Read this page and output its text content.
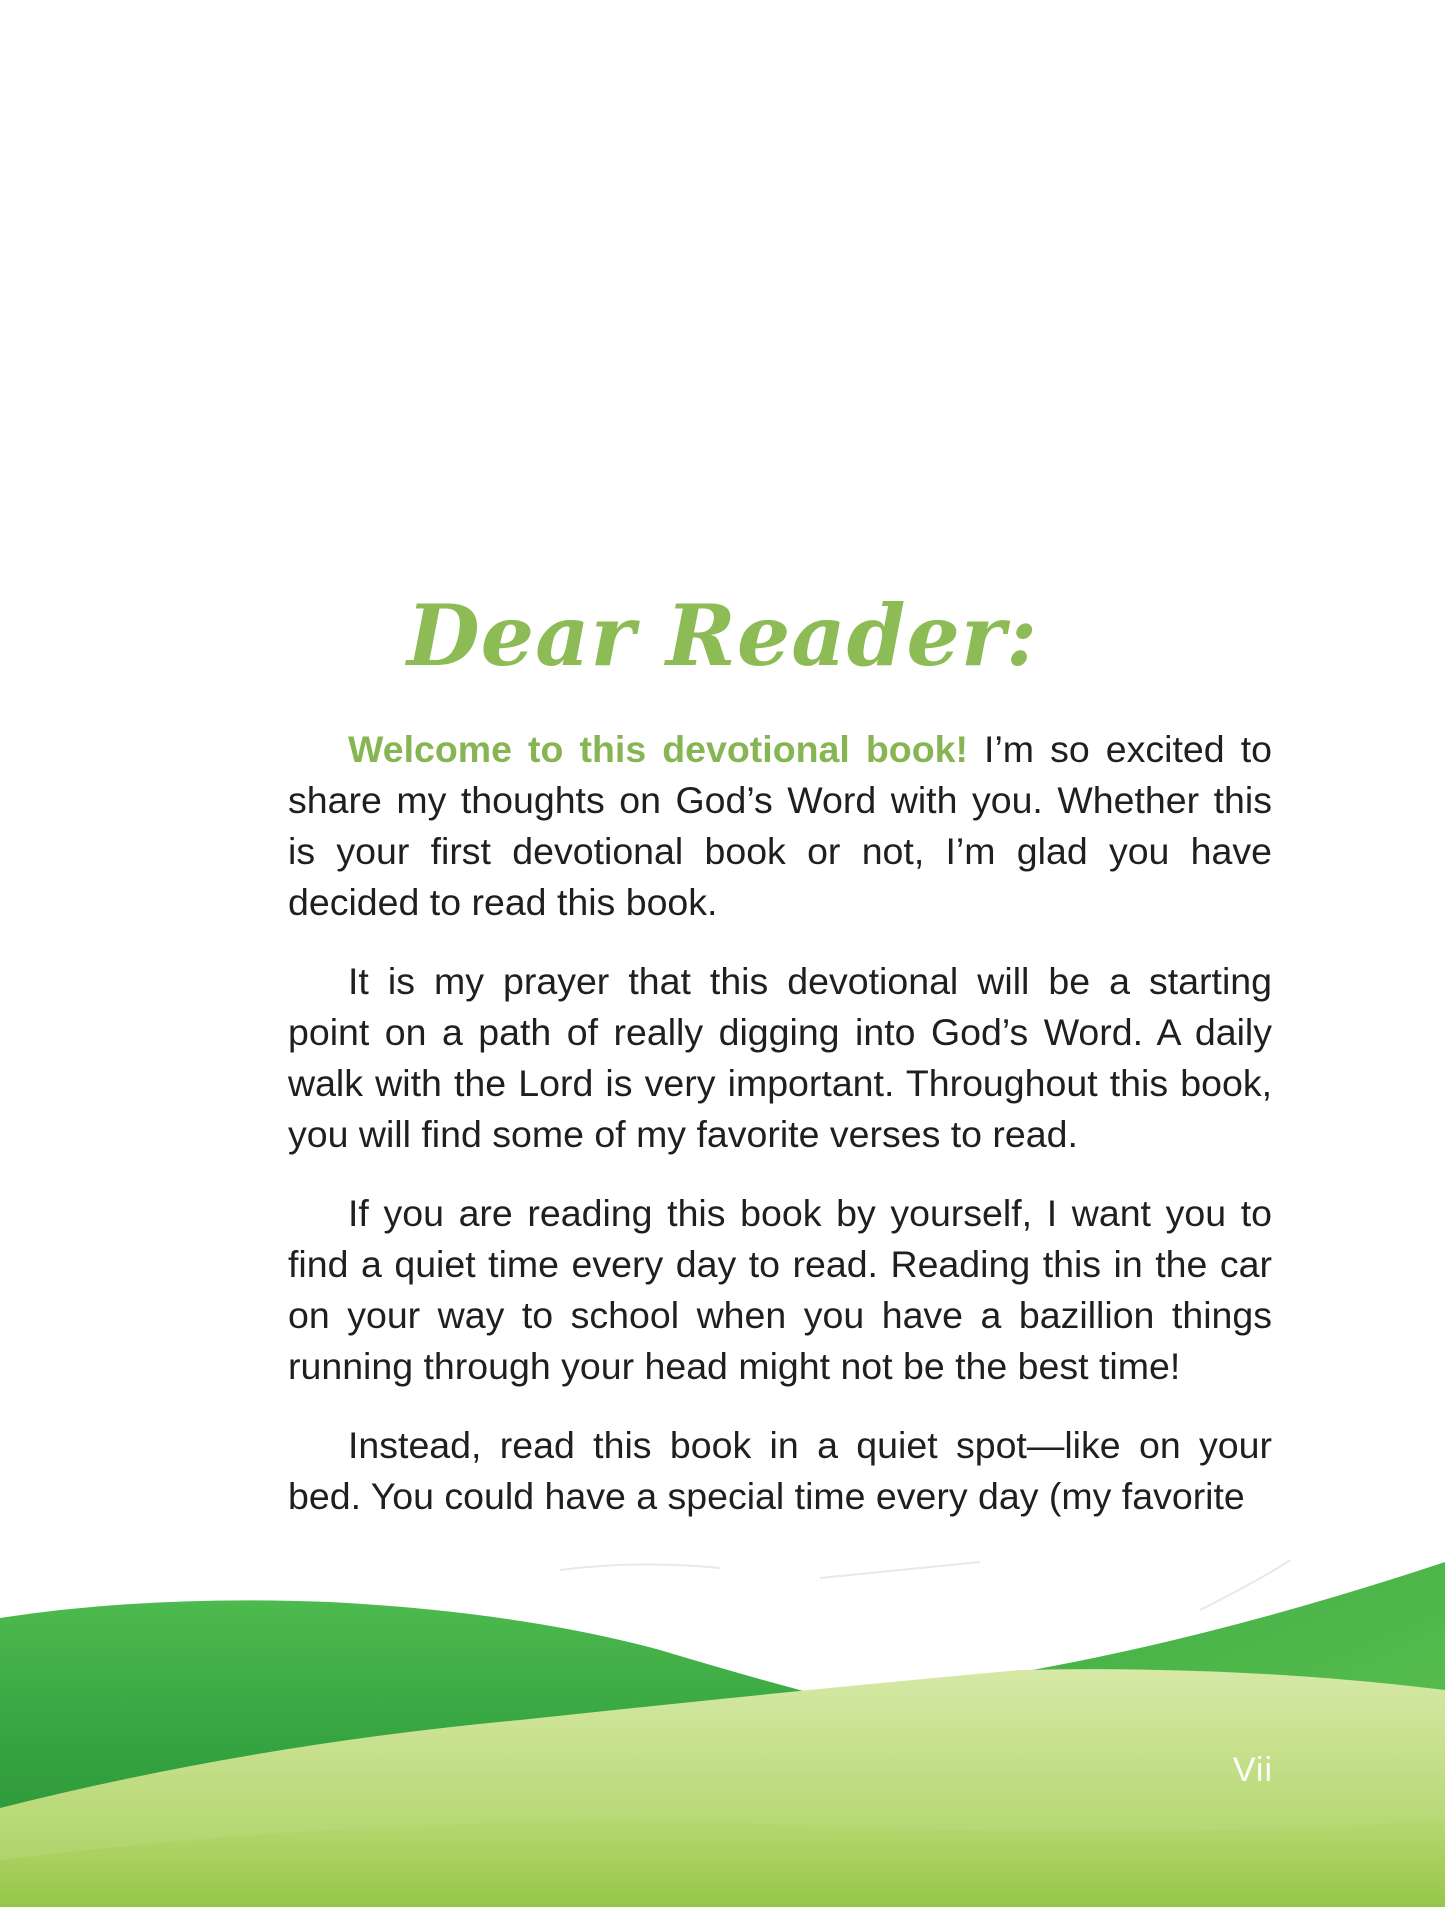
Dear Reader:

Welcome to this devotional book! I’m so excited to share my thoughts on God’s Word with you. Whether this is your first devotional book or not, I’m glad you have decided to read this book.

It is my prayer that this devotional will be a starting point on a path of really digging into God’s Word. A daily walk with the Lord is very important. Throughout this book, you will find some of my favorite verses to read.

If you are reading this book by yourself, I want you to find a quiet time every day to read. Reading this in the car on your way to school when you have a bazillion things running through your head might not be the best time!

Instead, read this book in a quiet spot—like on your bed. You could have a special time every day (my favorite

Vii
